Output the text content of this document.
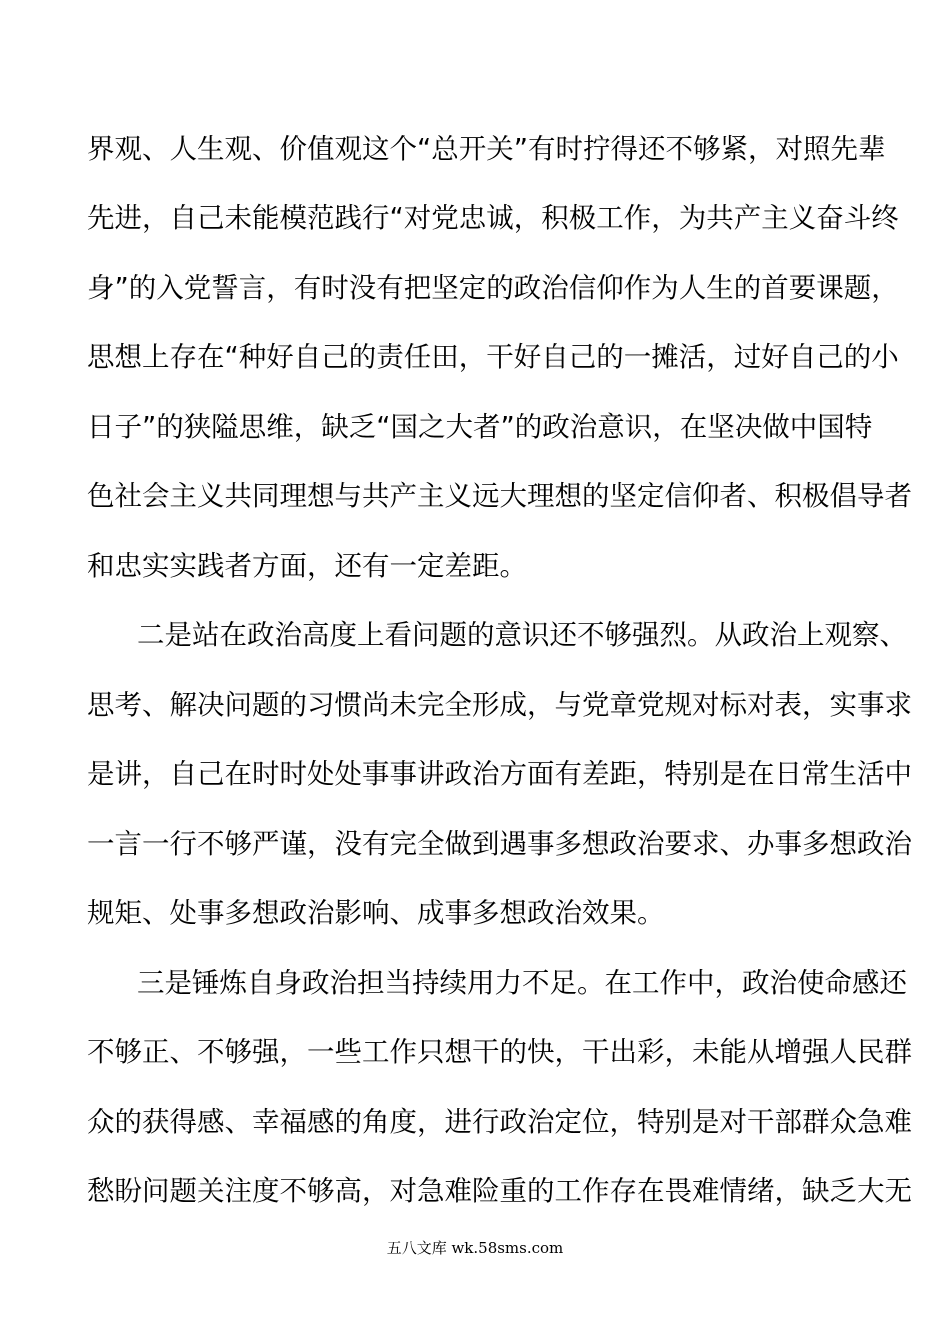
界观、人生观、价值观这个“总开关”有时拧得还不够紧，对照先辈
先进，自己未能模范践行“对党忠诚，积极工作，为共产主义奋斗终
身”的入党誓言，有时没有把坚定的政治信仰作为人生的首要课题，
思想上存在“种好自己的责任田，干好自己的一摊活，过好自己的小
日子”的狭隘思维，缺乏“国之大者”的政治意识，在坚决做中国特
色社会主义共同理想与共产主义远大理想的坚定信仰者、积极倡导者
和忠实实践者方面，还有一定差距。
二是站在政治高度上看问题的意识还不够强烈。从政治上观察、
思考、解决问题的习惯尚未完全形成，与党章党规对标对表，实事求
是讲，自己在时时处处事事讲政治方面有差距，特别是在日常生活中
一言一行不够严谨，没有完全做到遇事多想政治要求、办事多想政治
规矩、处事多想政治影响、成事多想政治效果。
三是锤炼自身政治担当持续用力不足。在工作中，政治使命感还
不够正、不够强，一些工作只想干的快，干出彩，未能从增强人民群
众的获得感、幸福感的角度，进行政治定位，特别是对干部群众急难
愁盼问题关注度不够高，对急难险重的工作存在畏难情绪，缺乏大无
五八文库 wk.58sms.com
